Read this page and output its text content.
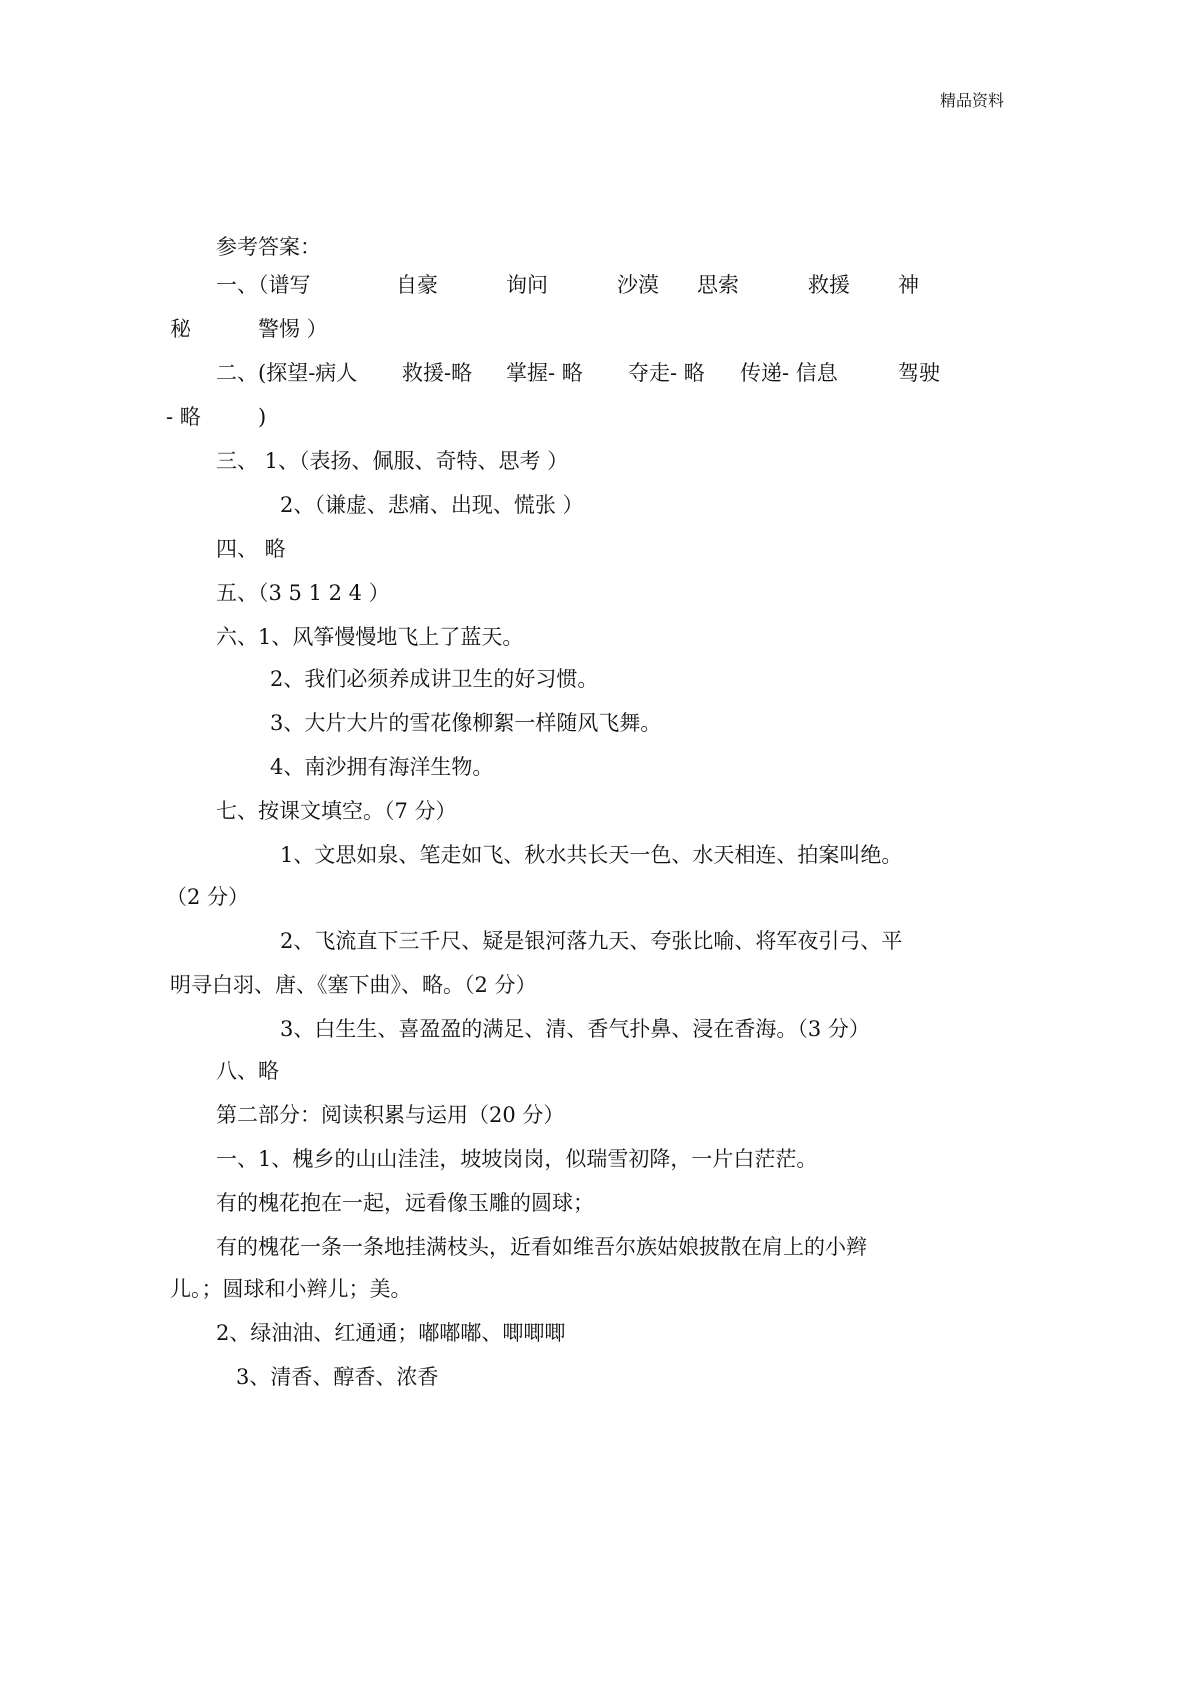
精品资料
参考答案：
一、（谱写	自豪	询问	沙漠 思索	救援 神
秘	警惕 ）
二、(探望-病人 救援-略 掌握- 略 夺走- 略 传递- 信息	驾驶
- 略	)
三、 1、（表扬、佩服、奇特、思考 ）
2、（谦虚、悲痛、出现、慌张 ）
四、 略
五、（3 5 1 2 4 ）
六、1、风筝慢慢地飞上了蓝天。
2、我们必须养成讲卫生的好习惯。
3、大片大片的雪花像柳絮一样随风飞舞。
4、南沙拥有海洋生物。
七、按课文填空。（7 分）
1、文思如泉、笔走如飞、秋水共长天一色、水天相连、拍案叫绝。
（2 分）
2、飞流直下三千尺、疑是银河落九天、夸张比喻、将军夜引弓、平
明寻白羽、唐、《塞下曲》、略。（2 分）
3、白生生、喜盈盈的满足、清、香气扑鼻、浸在香海。（3 分）
八、略
第二部分：阅读积累与运用（20 分）
一、1、槐乡的山山洼洼，坡坡岗岗，似瑞雪初降，一片白茫茫。
有的槐花抱在一起，远看像玉雕的圆球；
有的槐花一条一条地挂满枝头，近看如维吾尔族姑娘披散在肩上的小辫
儿。；圆球和小辫儿；美。
2、绿油油、红通通；嘟嘟嘟、唧唧唧
3、清香、醇香、浓香
